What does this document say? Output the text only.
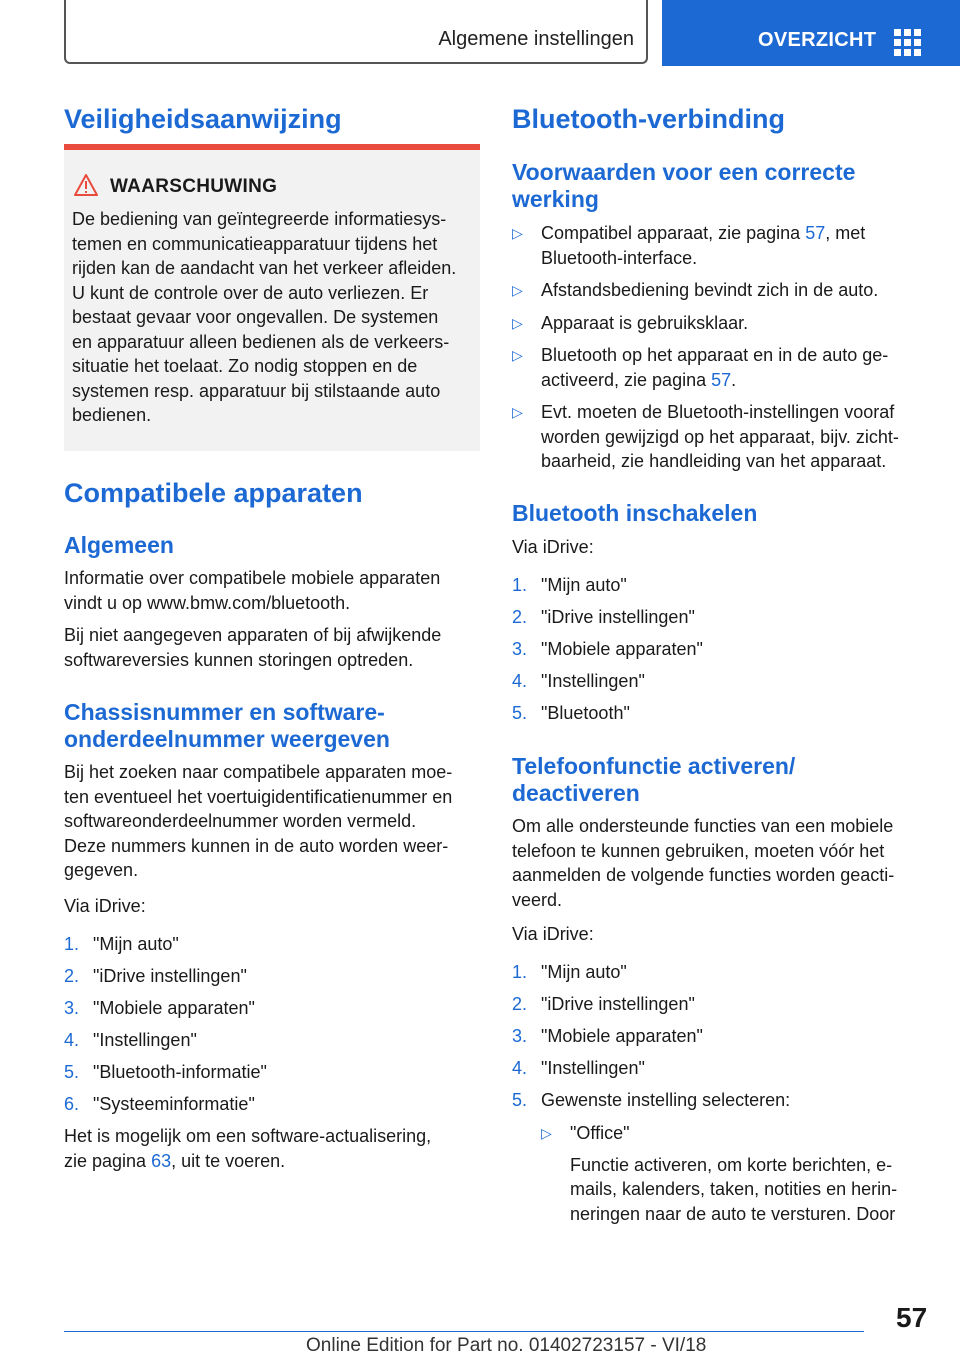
Algemene instellingen	OVERZICHT
Veiligheidsaanwijzing
WAARSCHUWING
De bediening van geïntegreerde informatiesys-
temen en communicatieapparatuur tijdens het
rijden kan de aandacht van het verkeer afleiden.
U kunt de controle over de auto verliezen. Er
bestaat gevaar voor ongevallen. De systemen
en apparatuur alleen bedienen als de verkeers-
situatie het toelaat. Zo nodig stoppen en de
systemen resp. apparatuur bij stilstaande auto
bedienen.
Compatibele apparaten
Algemeen

Informatie over compatibele mobiele apparaten

vindt u op www.bmw.com/bluetooth.

Bij niet aangegeven apparaten of bij afwijkende

softwareversies kunnen storingen optreden.

Chassisnummer en software-
onderdeelnummer weergeven

Bij het zoeken naar compatibele apparaten moe-

ten eventueel het voertuigidentificatienummer en

softwareonderdeelnummer worden vermeld.

Deze nummers kunnen in de auto worden weer-

gegeven.

Via iDrive:

1. "Mijn auto"
2. "iDrive instellingen"
3. "Mobiele apparaten"
4. "Instellingen"
5. "Bluetooth-informatie"
6. "Systeeminformatie"

Het is mogelijk om een software-actualisering,

zie pagina 63, uit te voeren.

Bluetooth-verbinding
Voorwaarden voor een correcte
werking
▷ Compatibel apparaat, zie pagina 57, met
Bluetooth-interface.
▷ Afstandsbediening bevindt zich in de auto.
▷ Apparaat is gebruiksklaar.
▷ Bluetooth op het apparaat en in de auto ge-
activeerd, zie pagina 57.
▷ Evt. moeten de Bluetooth-instellingen vooraf
worden gewijzigd op het apparaat, bijv. zicht-
baarheid, zie handleiding van het apparaat.
Bluetooth inschakelen

Via iDrive:

1. "Mijn auto"
2. "iDrive instellingen"
3. "Mobiele apparaten"
4. "Instellingen"
5. "Bluetooth"
Telefoonfunctie activeren/
deactiveren

Om alle ondersteunde functies van een mobiele

telefoon te kunnen gebruiken, moeten vóór het

aanmelden de volgende functies worden geacti-

veerd.

Via iDrive:

1. "Mijn auto"
2. "iDrive instellingen"
3. "Mobiele apparaten"
4. "Instellingen"
5. Gewenste instelling selecteren:
▷ "Office"
Functie activeren, om korte berichten, e-
mails, kalenders, taken, notities en herin-
neringen naar de auto te versturen. Door
57
Online Edition for Part no. 01402723157 - VI/18
